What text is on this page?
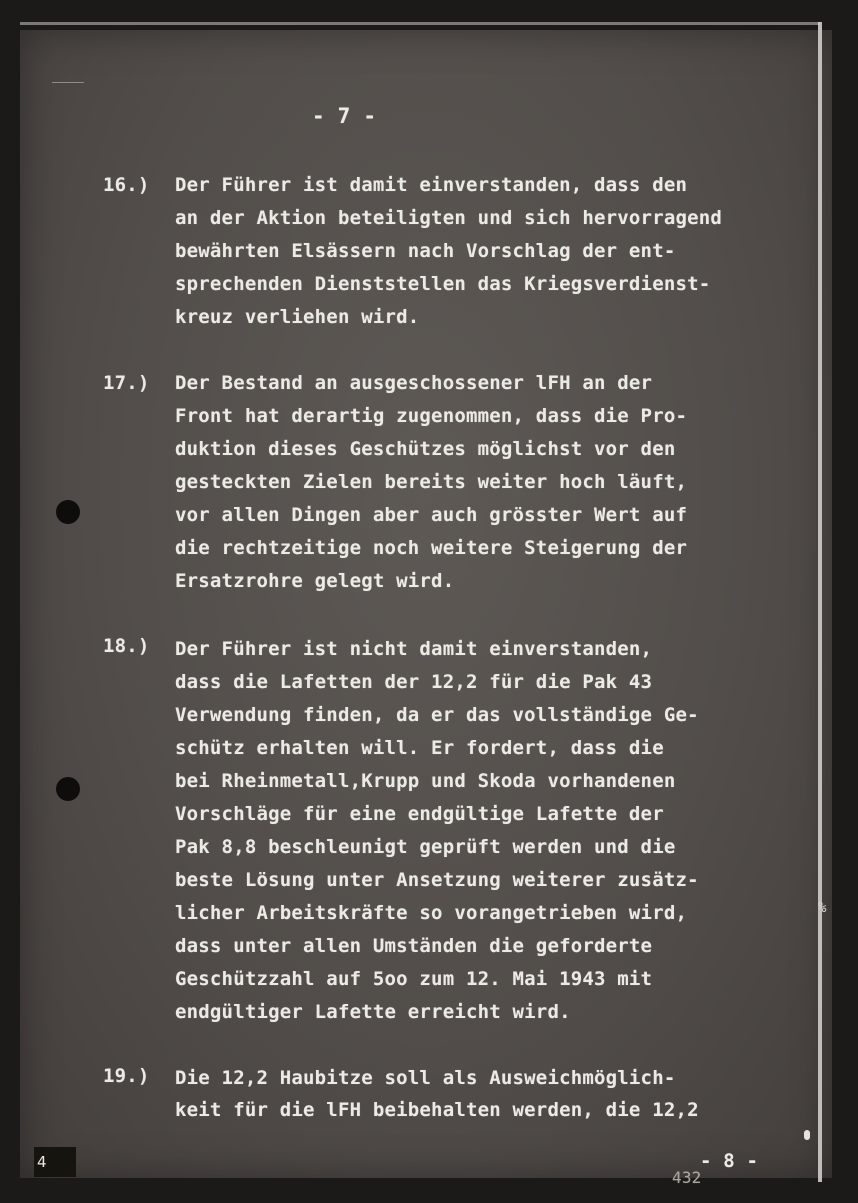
- 7 -
16.) Der Führer ist damit einverstanden, dass den
an der Aktion beteiligten und sich hervorragend
bewährten Elsässern nach Vorschlag der ent-
sprechenden Dienststellen das Kriegsverdienst-
kreuz verliehen wird.
17.) Der Bestand an ausgeschossener lFH an der
Front hat derartig zugenommen, dass die Pro-
duktion dieses Geschützes möglichst vor den
gesteckten Zielen bereits weiter hoch läuft,
vor allen Dingen aber auch grösster Wert auf
die rechtzeitige noch weitere Steigerung der
Ersatzrohre gelegt wird.
18.) Der Führer ist nicht damit einverstanden,
dass die Lafetten der 12,2 für die Pak 43
Verwendung finden, da er das vollständige Ge-
schütz erhalten will. Er fordert, dass die
bei Rheinmetall,Krupp und Skoda vorhandenen
Vorschläge für eine endgültige Lafette der
Pak 8,8 beschleunigt geprüft werden und die
beste Lösung unter Ansetzung weiterer zusätz-
licher Arbeitskräfte so vorangetrieben wird,
dass unter allen Umständen die geforderte
Geschützzahl auf 5oo zum 12. Mai 1943 mit
endgültiger Lafette erreicht wird.
19.) Die 12,2 Haubitze soll als Ausweichmöglich-
keit für die lFH beibehalten werden, die 12,2
- 8 -
432
%
4
